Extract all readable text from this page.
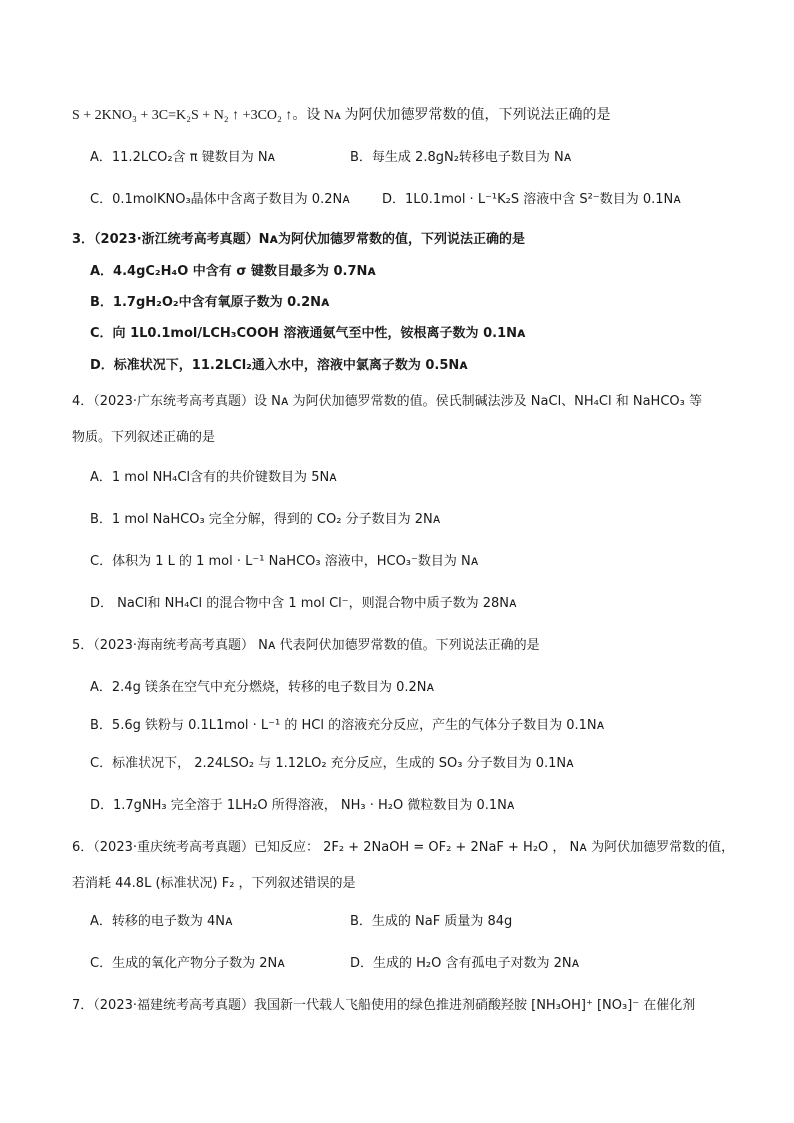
S + 2KNO₃ + 3C=K₂S + N₂ ↑ +3CO₂ ↑。设 Nᴀ 为阿伏加德罗常数的值，下列说法正确的是
A．11.2LCO₂含 π 键数目为 Nᴀ	B．每生成 2.8gN₂转移电子数目为 Nᴀ
C．0.1molKNO₃晶体中含离子数目为 0.2Nᴀ D．1L0.1mol · L⁻¹K₂S 溶液中含 S²⁻数目为 0.1Nᴀ
3．（2023·浙江统考高考真题）Nᴀ为阿伏加德罗常数的值，下列说法正确的是
A．4.4gC₂H₄O 中含有 σ 键数目最多为 0.7Nᴀ
B．1.7gH₂O₂中含有氧原子数为 0.2Nᴀ
C．向 1L0.1mol/LCH₃COOH 溶液通氨气至中性，铵根离子数为 0.1Nᴀ
D．标准状况下，11.2LCl₂通入水中，溶液中氯离子数为 0.5Nᴀ
4．（2023·广东统考高考真题）设 Nᴀ 为阿伏加德罗常数的值。侯氏制碱法涉及 NaCl、NH₄Cl 和 NaHCO₃ 等
物质。下列叙述正确的是
A．1 mol NH₄Cl含有的共价键数目为 5Nᴀ
B．1 mol NaHCO₃ 完全分解，得到的 CO₂ 分子数目为 2Nᴀ
C．体积为 1 L 的 1 mol · L⁻¹ NaHCO₃ 溶液中，HCO₃⁻数目为 Nᴀ
D． NaCl和 NH₄Cl 的混合物中含 1 mol Cl⁻，则混合物中质子数为 28Nᴀ
5．（2023·海南统考高考真题） Nᴀ 代表阿伏加德罗常数的值。下列说法正确的是
A．2.4g 镁条在空气中充分燃烧，转移的电子数目为 0.2Nᴀ
B．5.6g 铁粉与 0.1L1mol · L⁻¹ 的 HCl 的溶液充分反应，产生的气体分子数目为 0.1Nᴀ
C．标准状况下， 2.24LSO₂ 与 1.12LO₂ 充分反应，生成的 SO₃ 分子数目为 0.1Nᴀ
D．1.7gNH₃ 完全溶于 1LH₂O 所得溶液， NH₃ · H₂O 微粒数目为 0.1Nᴀ
6．（2023·重庆统考高考真题）已知反应： 2F₂ + 2NaOH = OF₂ + 2NaF + H₂O ， Nᴀ 为阿伏加德罗常数的值，
若消耗 44.8L (标准状况) F₂ ，下列叙述错误的是
A．转移的电子数为 4Nᴀ	B．生成的 NaF 质量为 84g
C．生成的氧化产物分子数为 2Nᴀ	D．生成的 H₂O 含有孤电子对数为 2Nᴀ
7．（2023·福建统考高考真题）我国新一代载人飞船使用的绿色推进剂硝酸羟胺 [NH₃OH]⁺ [NO₃]⁻ 在催化剂
